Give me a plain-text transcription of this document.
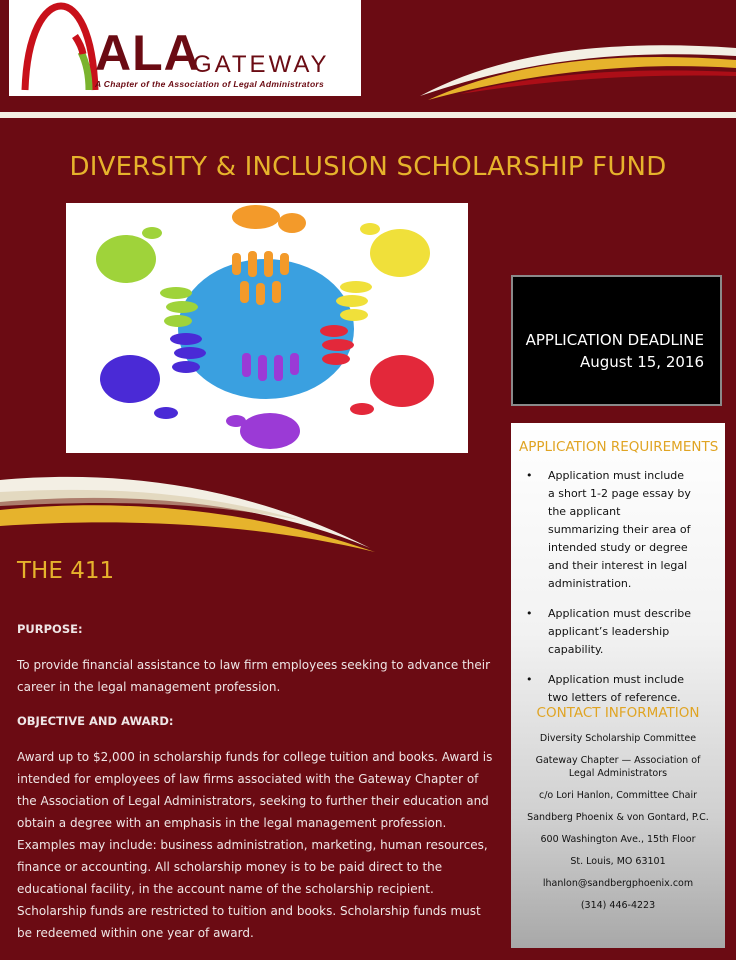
ALA
GATEWAY
A Chapter of the Association of Legal Administrators
DIVERSITY & INCLUSION SCHOLARSHIP FUND
APPLICATION DEADLINE
August 15, 2016
APPLICATION REQUIREMENTS
• Application must include a short 1-2 page essay by the applicant summarizing their area of intended study or degree and their interest in legal administration.
• Application must describe applicant’s leadership capability.
• Application must include two letters of reference.
CONTACT INFORMATION
Diversity Scholarship Committee
Gateway Chapter — Association of Legal Administrators
c/o Lori Hanlon, Committee Chair
Sandberg Phoenix & von Gontard, P.C.
600 Washington Ave., 15th Floor
St. Louis, MO 63101
lhanlon@sandbergphoenix.com
(314) 446-4223
THE 411
PURPOSE:
To provide financial assistance to law firm employees seeking to advance their career in the legal management profession.
OBJECTIVE AND AWARD:
Award up to $2,000 in scholarship funds for college tuition and books. Award is intended for employees of law firms associated with the Gateway Chapter of the Association of Legal Administrators, seeking to further their education and obtain a degree with an emphasis in the legal management profession. Examples may include: business administration, marketing, human resources, finance or accounting. All scholarship money is to be paid direct to the educational facility, in the account name of the scholarship recipient. Scholarship funds are restricted to tuition and books. Scholarship funds must be redeemed within one year of award.
